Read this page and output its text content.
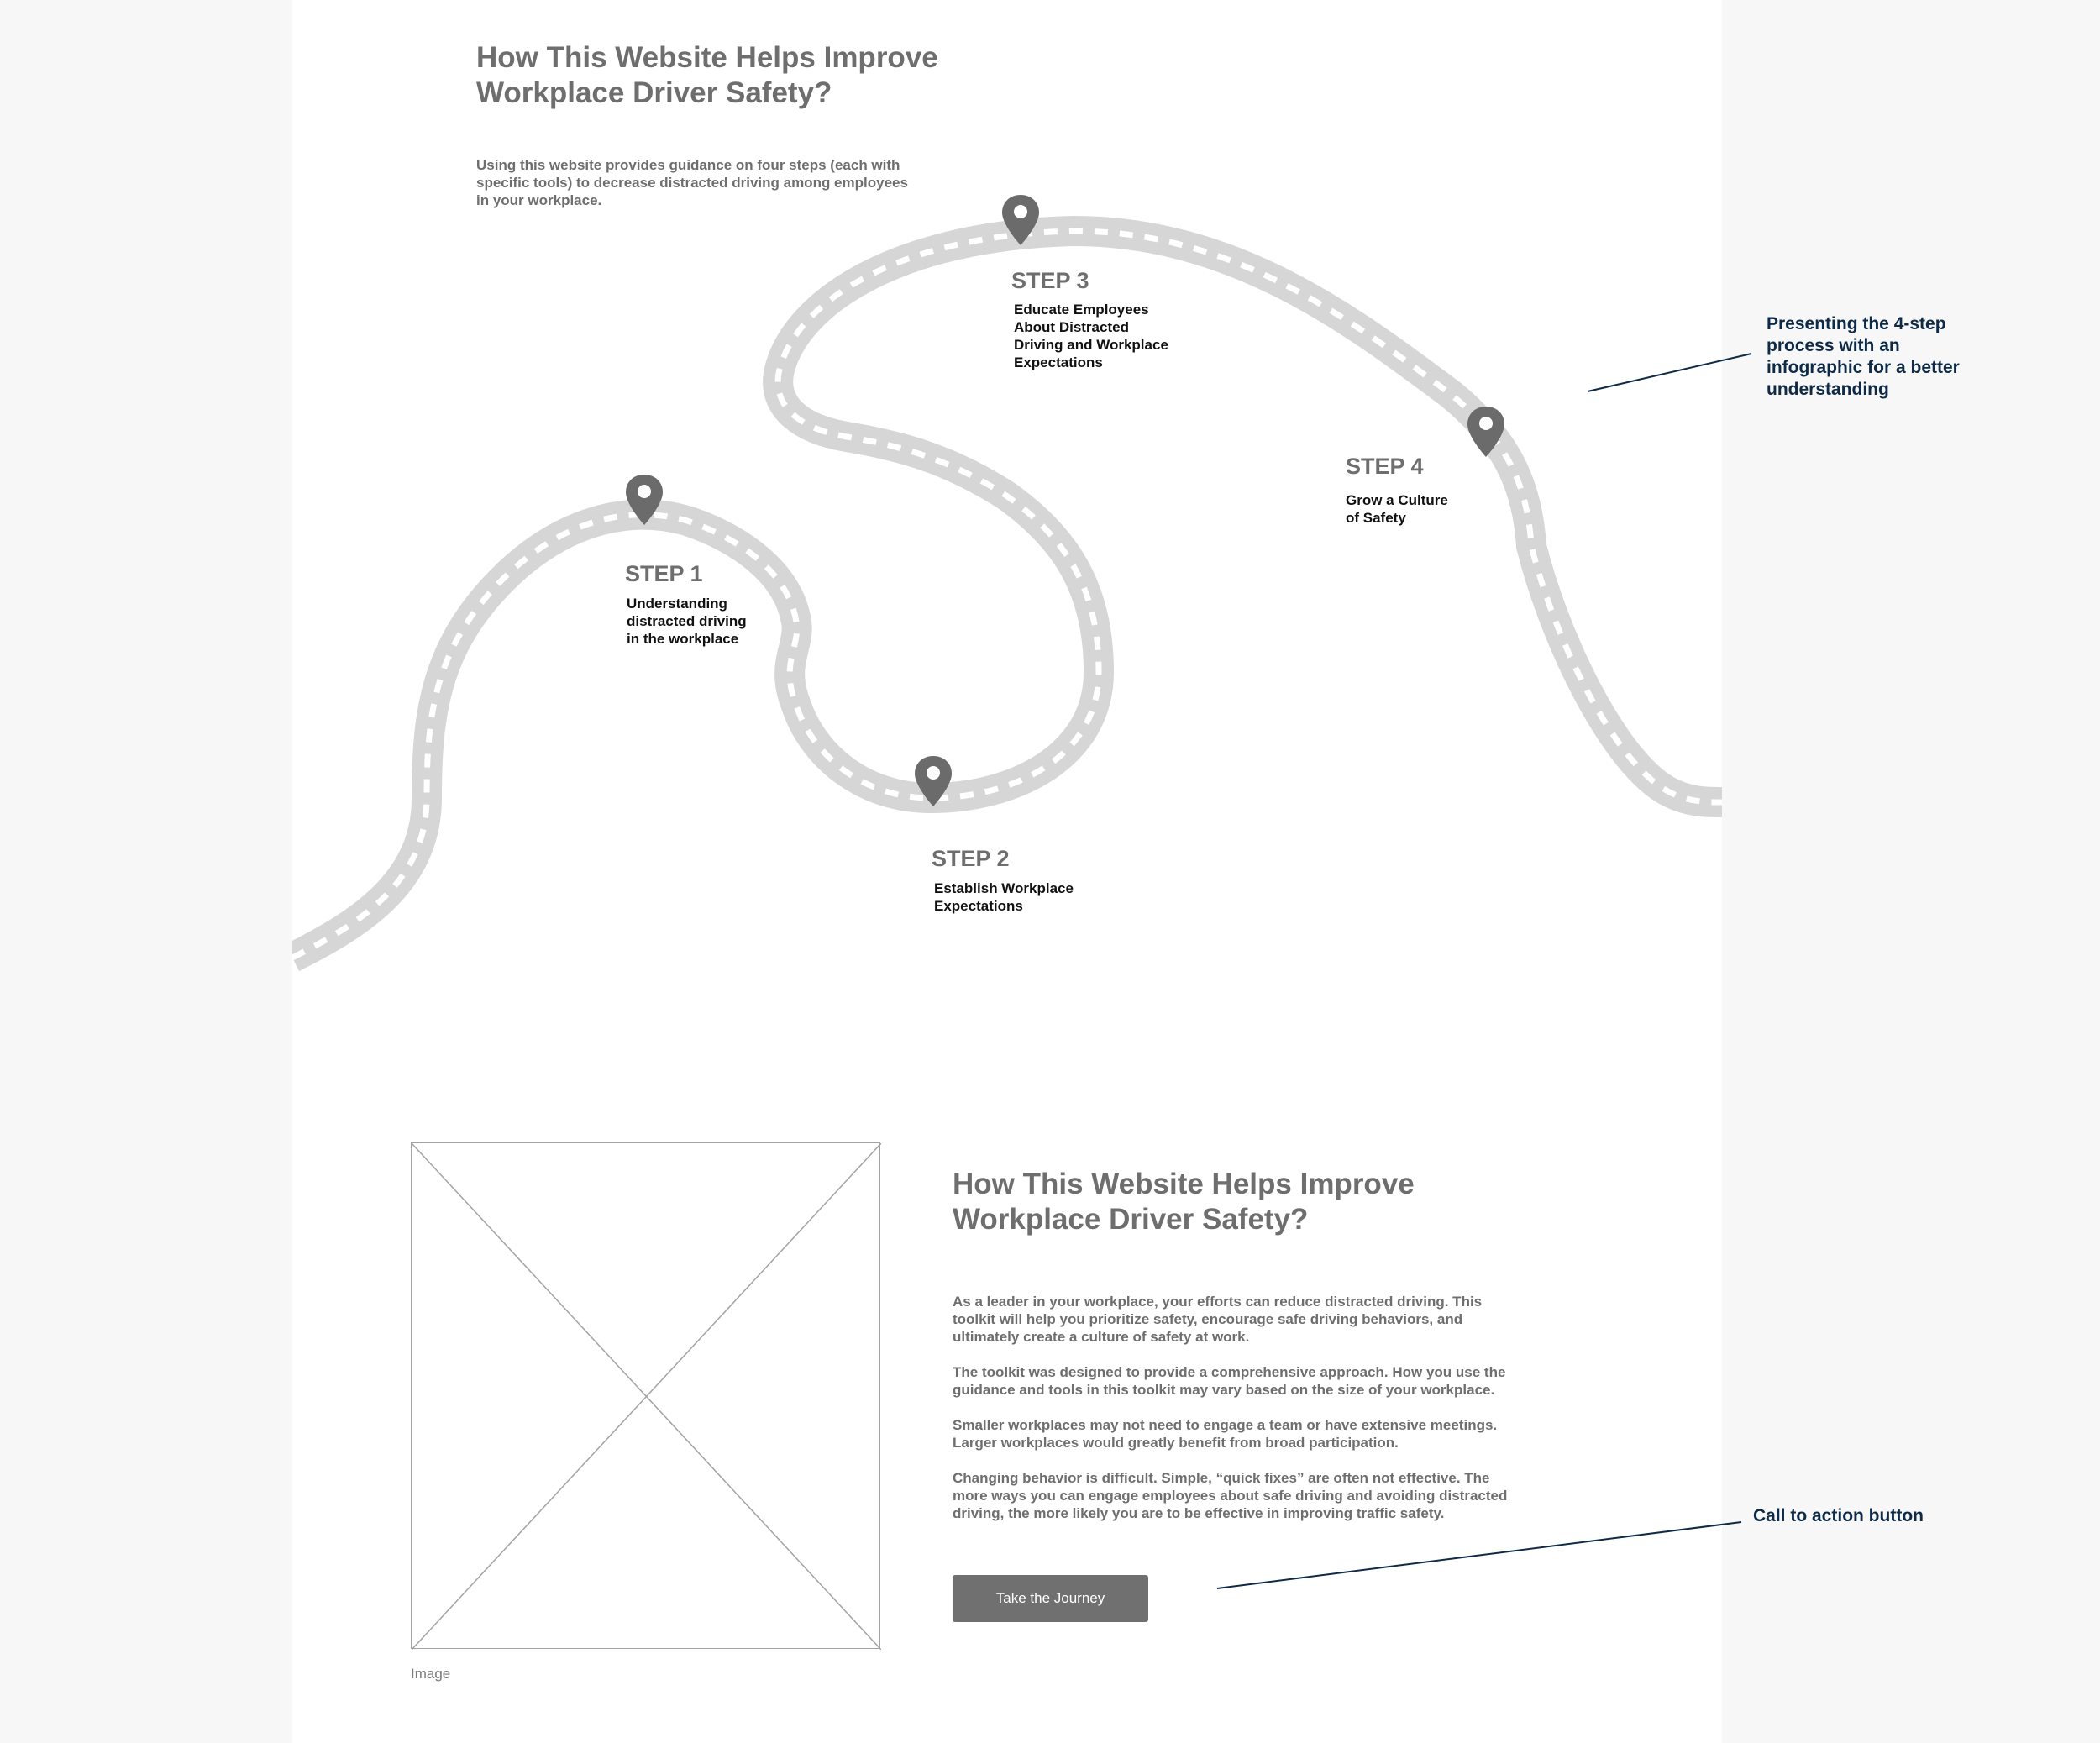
How This Website Helps Improve
Workplace Driver Safety?

Using this website provides guidance on four steps (each with
specific tools) to decrease distracted driving among employees
in your workplace.

STEP 1
Understanding
distracted driving
in the workplace
STEP 2
Establish Workplace
Expectations
STEP 3
Educate Employees
About Distracted
Driving and Workplace
Expectations
STEP 4
Grow a Culture
of Safety
Image
How This Website Helps Improve
Workplace Driver Safety?

As a leader in your workplace, your efforts can reduce distracted driving. This
toolkit will help you prioritize safety, encourage safe driving behaviors, and
ultimately create a culture of safety at work.

The toolkit was designed to provide a comprehensive approach. How you use the
guidance and tools in this toolkit may vary based on the size of your workplace.

Smaller workplaces may not need to engage a team or have extensive meetings.
Larger workplaces would greatly benefit from broad participation.

Changing behavior is difficult. Simple, “quick fixes” are often not effective. The
more ways you can engage employees about safe driving and avoiding distracted
driving, the more likely you are to be effective in improving traffic safety.

Take the Journey
Presenting the 4-step
process with an
infographic for a better
understanding
Call to action button
